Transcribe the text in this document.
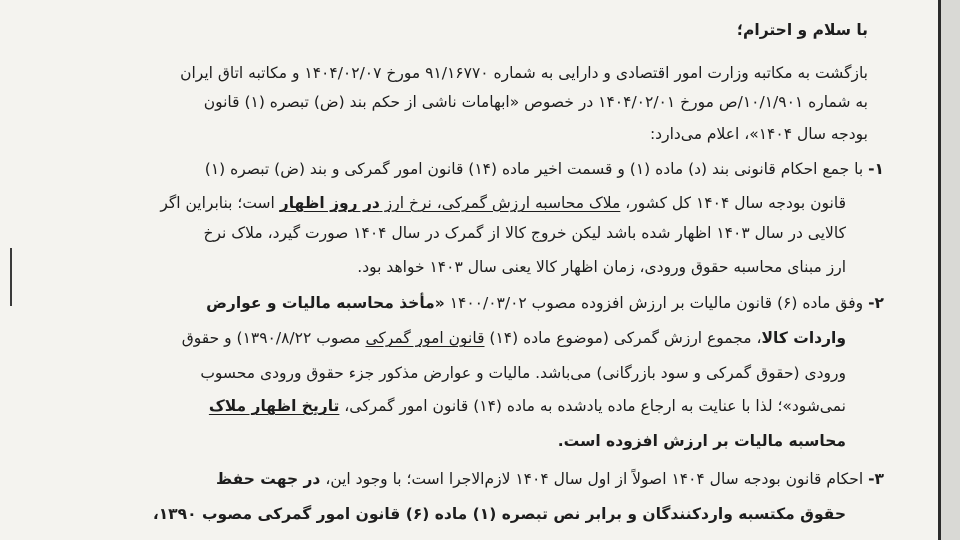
با سلام و احترام؛
بازگشت به مکاتبه وزارت امور اقتصادی و دارایی به شماره ۹۱/۱۶۷۷۰ مورخ ۱۴۰۴/۰۲/۰۷ و مکاتبه اتاق ایران
به شماره ۱۰/۱/۹۰۱/ص مورخ ۱۴۰۴/۰۲/۰۱ در خصوص «ابهامات ناشی از حکم بند (ض) تبصره (۱) قانون
بودجه سال ۱۴۰۴»، اعلام می‌دارد:
۱- با جمع احکام قانونی بند (د) ماده (۱) و قسمت اخیر ماده (۱۴) قانون امور گمرکی و بند (ض) تبصره (۱)
قانون بودجه سال ۱۴۰۴ کل کشور، ملاک محاسبه ارزش گمرکی، نرخ ارز در روز اظهار است؛ بنابراین اگر
کالایی در سال ۱۴۰۳ اظهار شده باشد لیکن خروج کالا از گمرک در سال ۱۴۰۴ صورت گیرد، ملاک نرخ
ارز مبنای محاسبه حقوق ورودی، زمان اظهار کالا یعنی سال ۱۴۰۳ خواهد بود.
۲- وفق ماده (۶) قانون مالیات بر ارزش افزوده مصوب ۱۴۰۰/۰۳/۰۲ «مأخذ محاسبه مالیات و عوارض
واردات کالا، مجموع ارزش گمرکی (موضوع ماده (۱۴) قانون امور گمرکی مصوب ۱۳۹۰/۸/۲۲) و حقوق
ورودی (حقوق گمرکی و سود بازرگانی) می‌باشد. مالیات و عوارض مذکور جزء حقوق ورودی محسوب
نمی‌شود»؛ لذا با عنایت به ارجاع ماده یادشده به ماده (۱۴) قانون امور گمرکی، تاریخ اظهار ملاک
محاسبه مالیات بر ارزش افزوده است.
۳- احکام قانون بودجه سال ۱۴۰۴ اصولاً از اول سال ۱۴۰۴ لازم‌الاجرا است؛ با وجود این، در جهت حفظ
حقوق مکتسبه واردکنندگان و برابر نص تبصره (۱) ماده (۶) قانون امور گمرکی مصوب ۱۳۹۰،
